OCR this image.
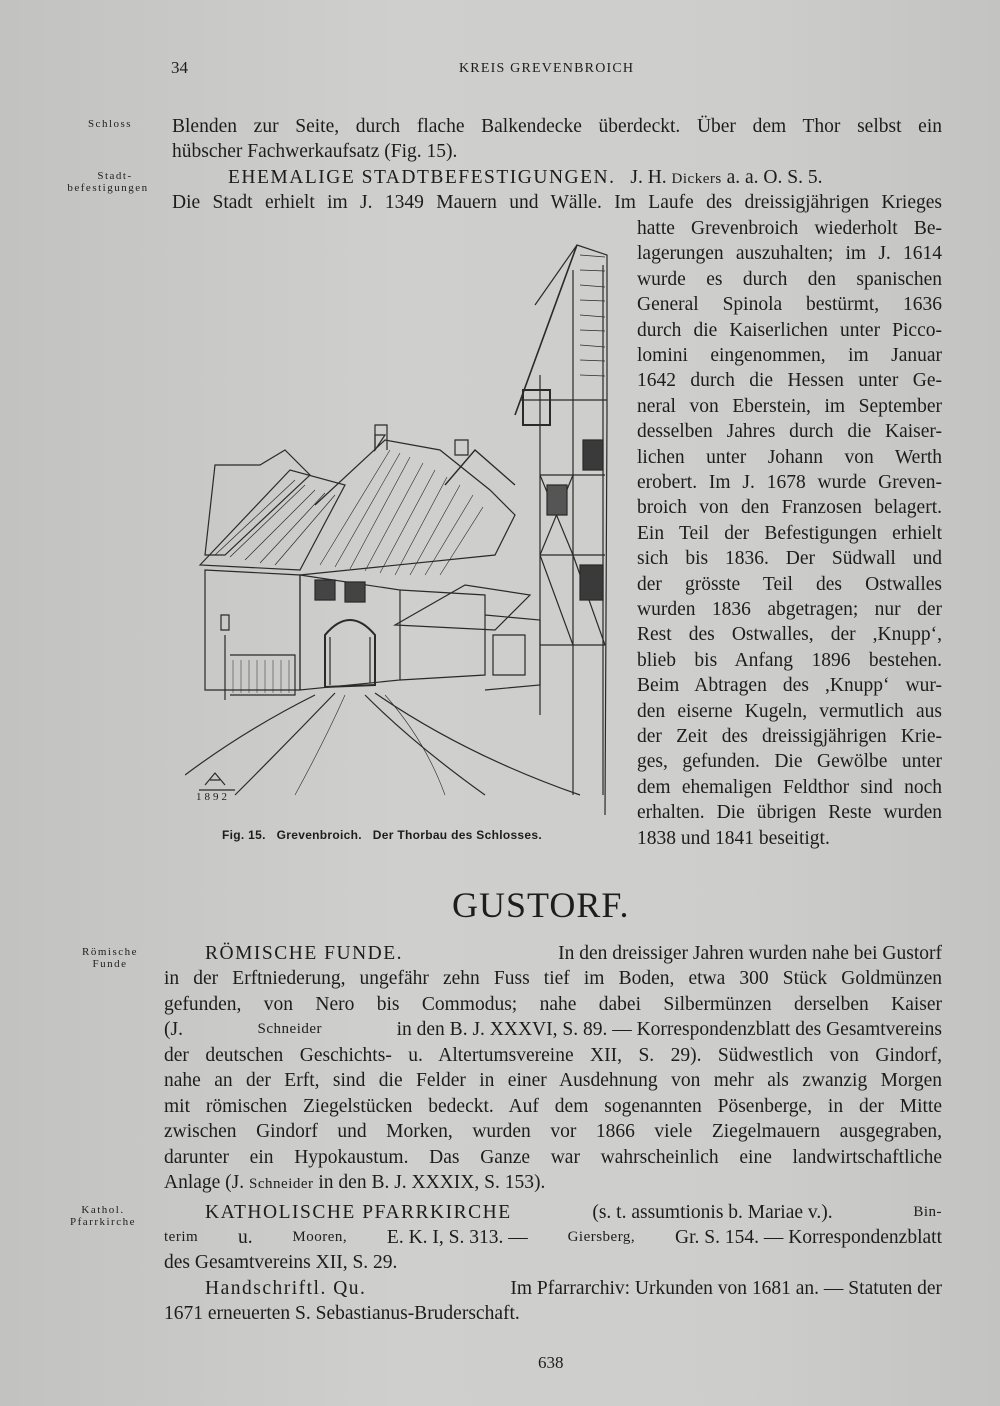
34	KREIS GREVENBROICH
Schloss
Stadt-
befestigungen
Römische
Funde
Kathol.
Pfarrkirche
Blenden zur Seite, durch flache Balkendecke überdeckt. Über dem Thor selbst ein
hübscher Fachwerkaufsatz (Fig. 15).
EHEMALIGE STADTBEFESTIGUNGEN. J. H. Dickers a. a. O. S. 5.
Die Stadt erhielt im J. 1349 Mauern und Wälle. Im Laufe des dreissigjährigen Krieges
hatte Grevenbroich wiederholt Be-
lagerungen auszuhalten; im J. 1614
wurde es durch den spanischen
General Spinola bestürmt, 1636
durch die Kaiserlichen unter Picco-
lomini eingenommen, im Januar
1642 durch die Hessen unter Ge-
neral von Eberstein, im September
desselben Jahres durch die Kaiser-
lichen unter Johann von Werth
erobert. Im J. 1678 wurde Greven-
broich von den Franzosen belagert.
Ein Teil der Befestigungen erhielt
sich bis 1836. Der Südwall und
der grösste Teil des Ostwalles
wurden 1836 abgetragen; nur der
Rest des Ostwalles, der ,Knupp‘,
blieb bis Anfang 1896 bestehen.
Beim Abtragen des ,Knupp‘ wur-
den eiserne Kugeln, vermutlich aus
der Zeit des dreissigjährigen Krie-
ges, gefunden. Die Gewölbe unter
dem ehemaligen Feldthor sind noch
erhalten. Die übrigen Reste wurden
1838 und 1841 beseitigt.
1892
Fig. 15.   Grevenbroich.   Der Thorbau des Schlosses.
GUSTORF.
RÖMISCHE FUNDE.	In den dreissiger Jahren wurden nahe bei Gustorf
in der Erftniederung, ungefähr zehn Fuss tief im Boden, etwa 300 Stück Goldmünzen
gefunden, von Nero bis Commodus; nahe dabei Silbermünzen derselben Kaiser
(J.	Schneider	in den B. J. XXXVI, S. 89. — Korrespondenzblatt des Gesamtvereins
der deutschen Geschichts- u. Altertumsvereine XII, S. 29). Südwestlich von Gindorf,
nahe an der Erft, sind die Felder in einer Ausdehnung von mehr als zwanzig Morgen
mit römischen Ziegelstücken bedeckt. Auf dem sogenannten Pösenberge, in der Mitte
zwischen Gindorf und Morken, wurden vor 1866 viele Ziegelmauern ausgegraben,
darunter ein Hypokaustum. Das Ganze war wahrscheinlich eine landwirtschaftliche
Anlage (J. Schneider in den B. J. XXXIX, S. 153).
KATHOLISCHE PFARRKIRCHE	(s. t. assumtionis b. Mariae v.).	Bin-
terim u.	Mooren, E. K. I, S. 313. —	Giersberg, Gr. S. 154. — Korrespondenzblatt
des Gesamtvereins XII, S. 29.
Handschriftl. Qu.	Im Pfarrarchiv: Urkunden von 1681 an. — Statuten der
1671 erneuerten S. Sebastianus-Bruderschaft.
638
